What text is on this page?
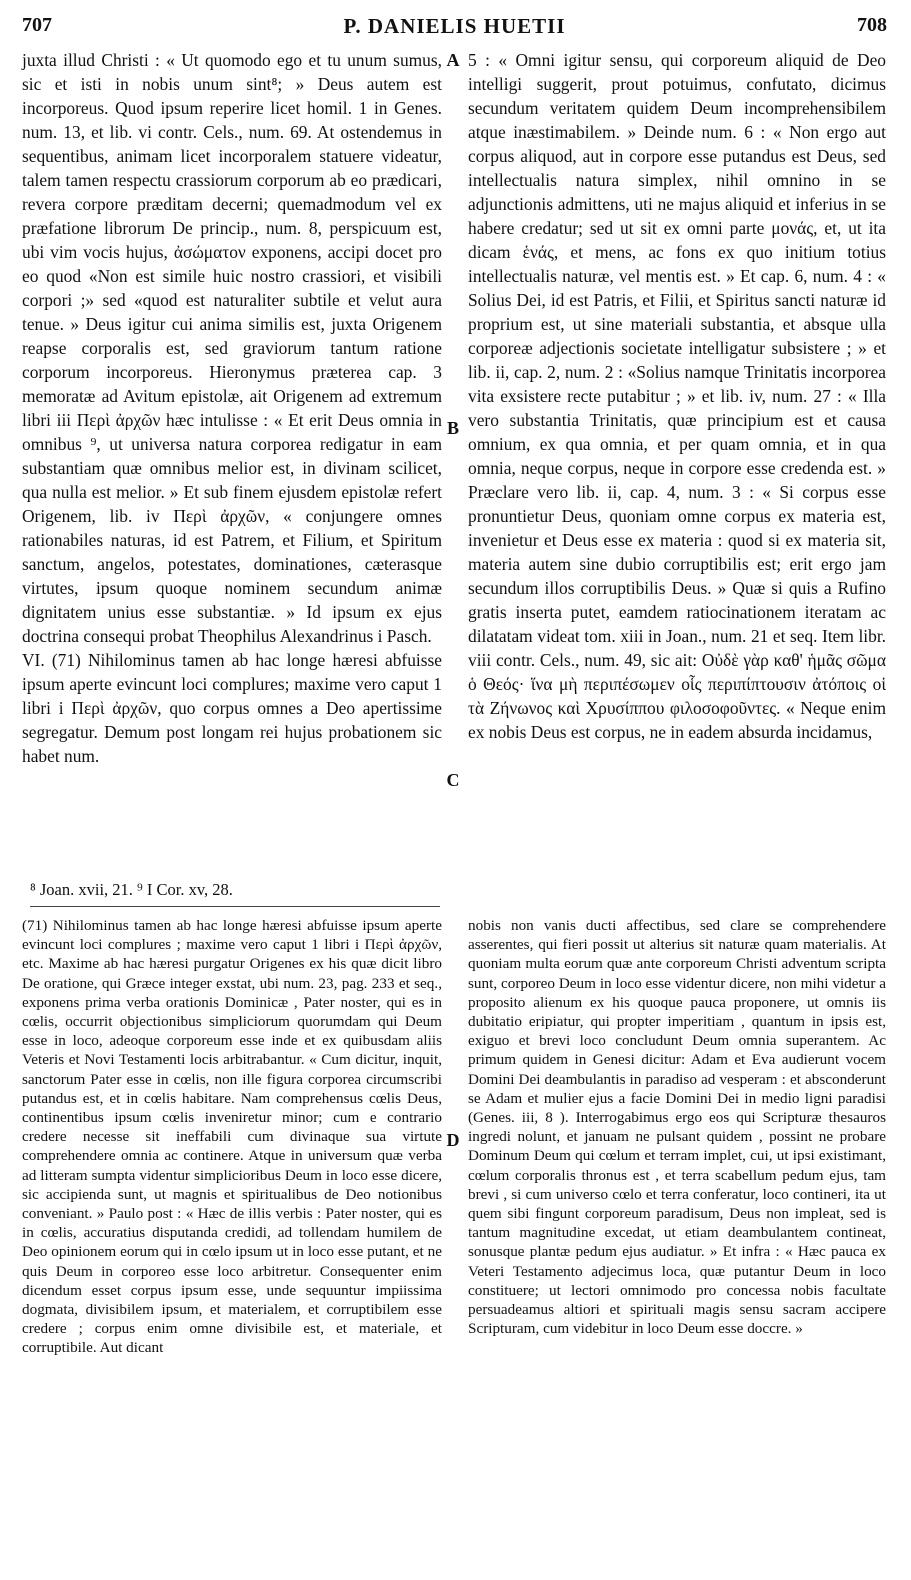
707	P. DANIELIS HUETII	708

juxta illud Christi : « Ut quomodo ego et tu unum sumus, sic et isti in nobis unum sint⁸; » Deus autem est incorporeus. Quod ipsum reperire licet homil. 1 in Genes. num. 13, et lib. vi contr. Cels., num. 69. At ostendemus in sequentibus, animam licet incorporalem statuere videatur, talem tamen respectu crassiorum corporum ab eo prædicari, revera corpore præditam decerni; quemadmodum vel ex præfatione librorum De princip., num. 8, perspicuum est, ubi vim vocis hujus, ἀσώματον exponens, accipi docet pro eo quod «Non est simile huic nostro crassiori, et visibili corpori ;» sed «quod est naturaliter subtile et velut aura tenue. » Deus igitur cui anima similis est, juxta Origenem reapse corporalis est, sed graviorum tantum ratione corporum incorporeus. Hieronymus præterea cap. 3 memoratæ ad Avitum epistolæ, ait Origenem ad extremum libri iii Περὶ ἀρχῶν hæc intulisse : « Et erit Deus omnia in omnibus ⁹, ut universa natura corporea redigatur in eam substantiam quæ omnibus melior est, in divinam scilicet, qua nulla est melior. » Et sub finem ejusdem epistolæ refert Origenem, lib. iv Περὶ ἀρχῶν, « conjungere omnes rationabiles naturas, id est Patrem, et Filium, et Spiritum sanctum, angelos, potestates, dominationes, cæterasque virtutes, ipsum quoque nominem secundum animæ dignitatem unius esse substantiæ. » Id ipsum ex ejus doctrina consequi probat Theophilus Alexandrinus i Pasch.

VI. (71) Nihilominus tamen ab hac longe hæresi abfuisse ipsum aperte evincunt loci complures; maxime vero caput 1 libri i Περὶ ἀρχῶν, quo corpus omnes a Deo apertissime segregatur. Demum post longam rei hujus probationem sic habet num.

A
B
C
D

5 : « Omni igitur sensu, qui corporeum aliquid de Deo intelligi suggerit, prout potuimus, confutato, dicimus secundum veritatem quidem Deum incomprehensibilem atque inæstimabilem. » Deinde num. 6 : « Non ergo aut corpus aliquod, aut in corpore esse putandus est Deus, sed intellectualis natura simplex, nihil omnino in se adjunctionis admittens, uti ne majus aliquid et inferius in se habere credatur; sed ut sit ex omni parte μονάς, et, ut ita dicam ἑνάς, et mens, ac fons ex quo initium totius intellectualis naturæ, vel mentis est. » Et cap. 6, num. 4 : « Solius Dei, id est Patris, et Filii, et Spiritus sancti naturæ id proprium est, ut sine materiali substantia, et absque ulla corporeæ adjectionis societate intelligatur subsistere ; » et lib. ii, cap. 2, num. 2 : «Solius namque Trinitatis incorporea vita exsistere recte putabitur ; » et lib. iv, num. 27 : « Illa vero substantia Trinitatis, quæ principium est et causa omnium, ex qua omnia, et per quam omnia, et in qua omnia, neque corpus, neque in corpore esse credenda est. » Præclare vero lib. ii, cap. 4, num. 3 : « Si corpus esse pronuntietur Deus, quoniam omne corpus ex materia est, invenietur et Deus esse ex materia : quod si ex materia sit, materia autem sine dubio corruptibilis est; erit ergo jam secundum illos corruptibilis Deus. » Quæ si quis a Rufino gratis inserta putet, eamdem ratiocinationem iteratam ac dilatatam videat tom. xiii in Joan., num. 21 et seq. Item libr. viii contr. Cels., num. 49, sic ait: Οὐδὲ γὰρ καθ' ἡμᾶς σῶμα ὁ Θεός· ἵνα μὴ περιπέσωμεν οἷς περιπίπτουσιν ἀτόποις οἱ τὰ Ζήνωνος καὶ Χρυσίππου φιλοσοφοῦντες. « Neque enim ex nobis Deus est corpus, ne in eadem absurda incidamus,

⁸ Joan. xvii, 21. ⁹ I Cor. xv, 28.

(71) Nihilominus tamen ab hac longe hæresi abfuisse ipsum aperte evincunt loci complures ; maxime vero caput 1 libri i Περὶ ἀρχῶν, etc. Maxime ab hac hæresi purgatur Origenes ex his quæ dicit libro De oratione, qui Græce integer exstat, ubi num. 23, pag. 233 et seq., exponens prima verba orationis Dominicæ , Pater noster, qui es in cœlis, occurrit objectionibus simpliciorum quorumdam qui Deum esse in loco, adeoque corporeum esse inde et ex quibusdam aliis Veteris et Novi Testamenti locis arbitrabantur. « Cum dicitur, inquit, sanctorum Pater esse in cœlis, non ille figura corporea circumscribi putandus est, et in cœlis habitare. Nam comprehensus cœlis Deus, continentibus ipsum cœlis inveniretur minor; cum e contrario credere necesse sit ineffabili cum divinaque sua virtute comprehendere omnia ac continere. Atque in universum quæ verba ad litteram sumpta videntur simplicioribus Deum in loco esse dicere, sic accipienda sunt, ut magnis et spiritualibus de Deo notionibus conveniant. » Paulo post : « Hæc de illis verbis : Pater noster, qui es in cœlis, accuratius disputanda credidi, ad tollendam humilem de Deo opinionem eorum qui in cœlo ipsum ut in loco esse putant, et ne quis Deum in corporeo esse loco arbitretur. Consequenter enim dicendum esset corpus ipsum esse, unde sequuntur impiissima dogmata, divisibilem ipsum, et materialem, et corruptibilem esse credere ; corpus enim omne divisibile est, et materiale, et corruptibile. Aut dicant

nobis non vanis ducti affectibus, sed clare se comprehendere asserentes, qui fieri possit ut alterius sit naturæ quam materialis. At quoniam multa eorum quæ ante corporeum Christi adventum scripta sunt, corporeo Deum in loco esse videntur dicere, non mihi videtur a proposito alienum ex his quoque pauca proponere, ut omnis iis dubitatio eripiatur, qui propter imperitiam , quantum in ipsis est, exiguo et brevi loco concludunt Deum omnia superantem. Ac primum quidem in Genesi dicitur: Adam et Eva audierunt vocem Domini Dei deambulantis in paradiso ad vesperam : et absconderunt se Adam et mulier ejus a facie Domini Dei in medio ligni paradisi (Genes. iii, 8 ). Interrogabimus ergo eos qui Scripturæ thesauros ingredi nolunt, et januam ne pulsant quidem , possint ne probare Dominum Deum qui cœlum et terram implet, cui, ut ipsi existimant, cœlum corporalis thronus est , et terra scabellum pedum ejus, tam brevi , si cum universo cœlo et terra conferatur, loco contineri, ita ut quem sibi fingunt corporeum paradisum, Deus non impleat, sed is tantum magnitudine excedat, ut etiam deambulantem contineat, sonusque plantæ pedum ejus audiatur. » Et infra : « Hæc pauca ex Veteri Testamento adjecimus loca, quæ putantur Deum in loco constituere; ut lectori omnimodo pro concessa nobis facultate persuadeamus altiori et spirituali magis sensu sacram accipere Scripturam, cum videbitur in loco Deum esse doccre. »
